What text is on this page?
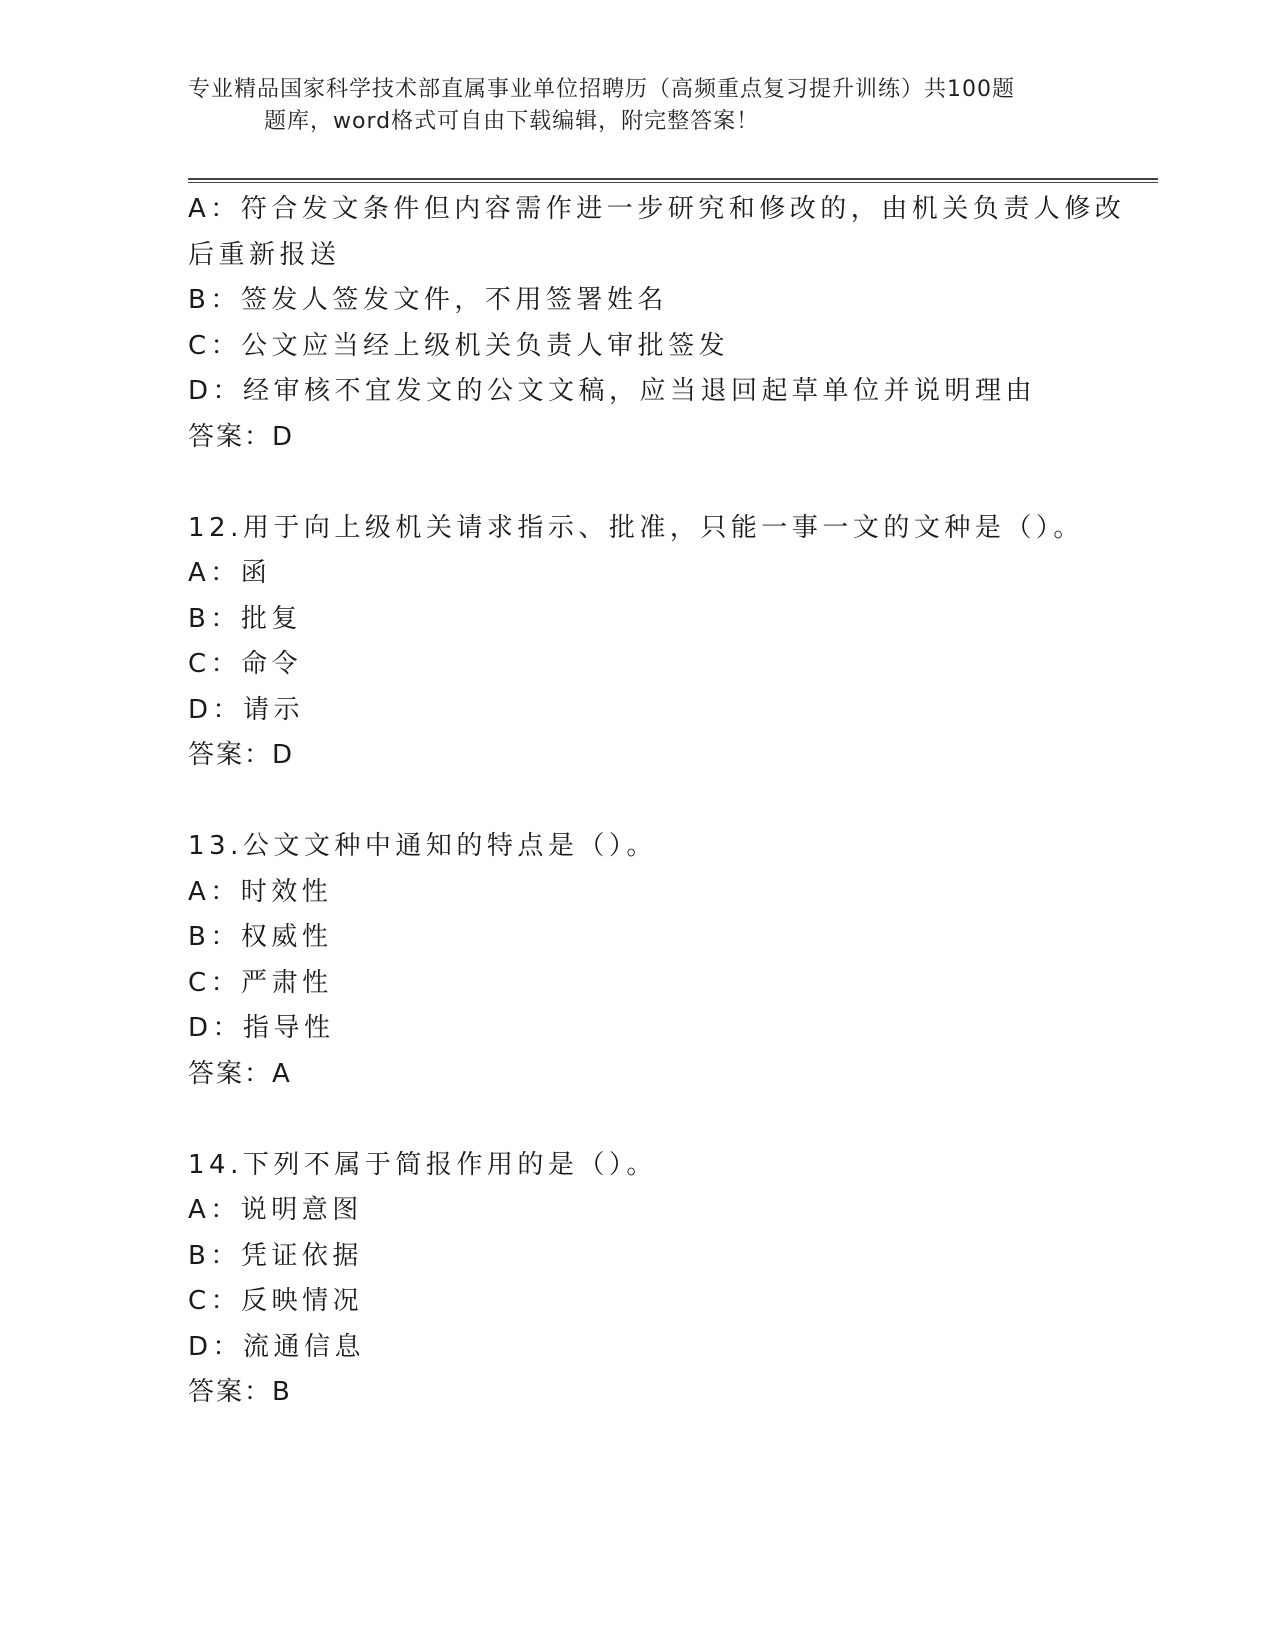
专业精品国家科学技术部直属事业单位招聘历（高频重点复习提升训练）共100题
题库，word格式可自由下载编辑，附完整答案！
A：符合发文条件但内容需作进一步研究和修改的，由机关负责人修改
后重新报送
B：签发人签发文件，不用签署姓名
C：公文应当经上级机关负责人审批签发
D：经审核不宜发文的公文文稿，应当退回起草单位并说明理由
答案：D
12.用于向上级机关请求指示、批准，只能一事一文的文种是（）。
A：函
B：批复
C：命令
D：请示
答案：D
13.公文文种中通知的特点是（）。
A：时效性
B：权威性
C：严肃性
D：指导性
答案：A
14.下列不属于简报作用的是（）。
A：说明意图
B：凭证依据
C：反映情况
D：流通信息
答案：B
